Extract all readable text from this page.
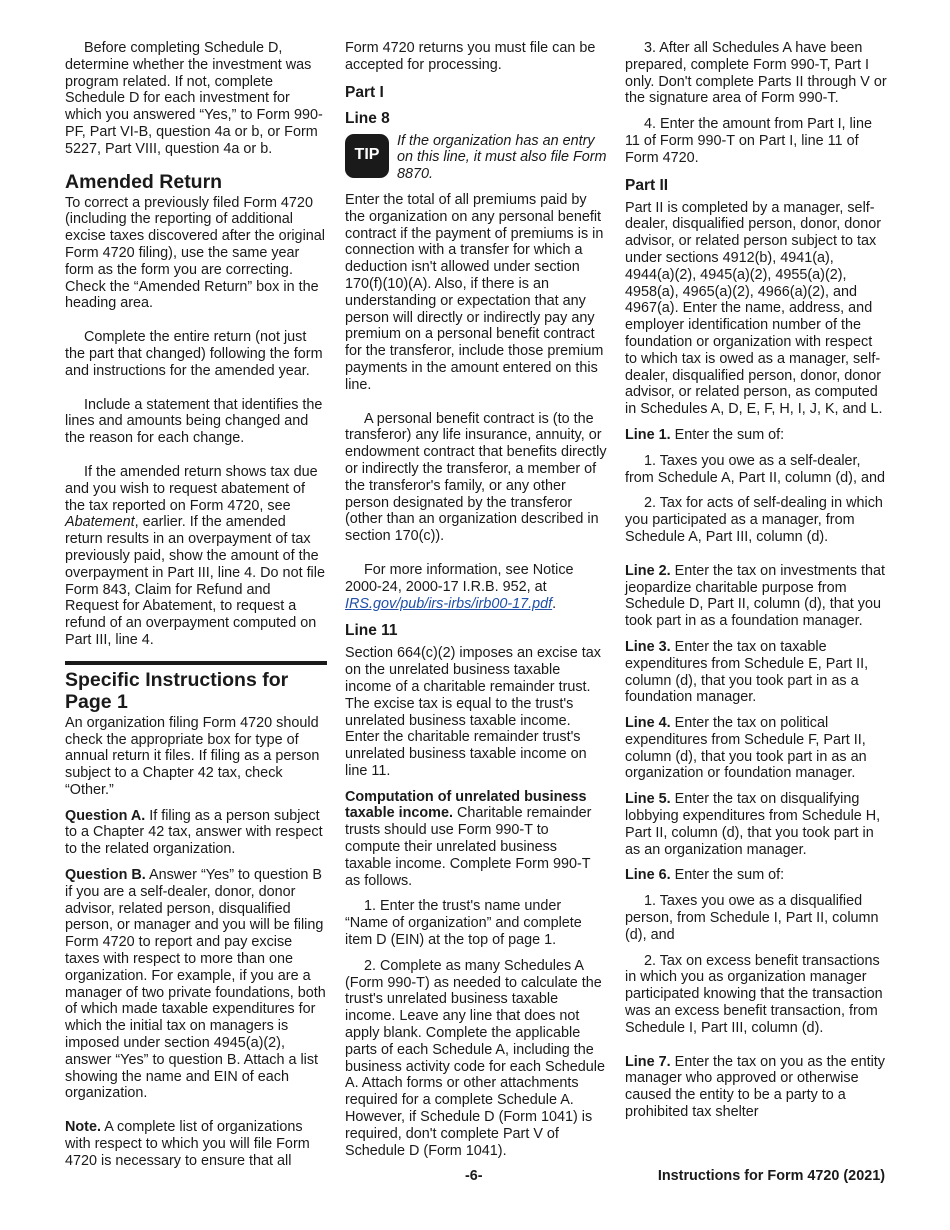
Before completing Schedule D, determine whether the investment was program related. If not, complete Schedule D for each investment for which you answered “Yes,” to Form 990-PF, Part VI-B, question 4a or b, or Form 5227, Part VIII, question 4a or b.

Amended Return

To correct a previously filed Form 4720 (including the reporting of additional excise taxes discovered after the original Form 4720 filing), use the same year form as the form you are correcting. Check the “Amended Return” box in the heading area.

Complete the entire return (not just the part that changed) following the form and instructions for the amended year.

Include a statement that identifies the lines and amounts being changed and the reason for each change.

If the amended return shows tax due and you wish to request abatement of the tax reported on Form 4720, see Abatement, earlier. If the amended return results in an overpayment of tax previously paid, show the amount of the overpayment in Part III, line 4. Do not file Form 843, Claim for Refund and Request for Abatement, to request a refund of an overpayment computed on Part III, line 4.

Specific Instructions for Page 1

An organization filing Form 4720 should check the appropriate box for type of annual return it files. If filing as a person subject to a Chapter 42 tax, check “Other.”

Question A. If filing as a person subject to a Chapter 42 tax, answer with respect to the related organization.

Question B. Answer “Yes” to question B if you are a self-dealer, donor, donor advisor, related person, disqualified person, or manager and you will be filing Form 4720 to report and pay excise taxes with respect to more than one organization. For example, if you are a manager of two private foundations, both of which made taxable expenditures for which the initial tax on managers is imposed under section 4945(a)(2), answer “Yes” to question B. Attach a list showing the name and EIN of each organization.

Note. A complete list of organizations with respect to which you will file Form 4720 is necessary to ensure that all

Form 4720 returns you must file can be accepted for processing.

Part I
Line 8
TIP
If the organization has an entry on this line, it must also file Form 8870.

Enter the total of all premiums paid by the organization on any personal benefit contract if the payment of premiums is in connection with a transfer for which a deduction isn't allowed under section 170(f)(10)(A). Also, if there is an understanding or expectation that any person will directly or indirectly pay any premium on a personal benefit contract for the transferor, include those premium payments in the amount entered on this line.

A personal benefit contract is (to the transferor) any life insurance, annuity, or endowment contract that benefits directly or indirectly the transferor, a member of the transferor's family, or any other person designated by the transferor (other than an organization described in section 170(c)).

For more information, see Notice 2000-24, 2000-17 I.R.B. 952, at IRS.gov/pub/irs-irbs/irb00-17.pdf.

Line 11

Section 664(c)(2) imposes an excise tax on the unrelated business taxable income of a charitable remainder trust. The excise tax is equal to the trust's unrelated business taxable income. Enter the charitable remainder trust's unrelated business taxable income on line 11.

Computation of unrelated business taxable income. Charitable remainder trusts should use Form 990-T to compute their unrelated business taxable income. Complete Form 990-T as follows.

1. Enter the trust's name under “Name of organization” and complete item D (EIN) at the top of page 1.

2. Complete as many Schedules A (Form 990-T) as needed to calculate the trust's unrelated business taxable income. Leave any line that does not apply blank. Complete the applicable parts of each Schedule A, including the business activity code for each Schedule A. Attach forms or other attachments required for a complete Schedule A. However, if Schedule D (Form 1041) is required, don't complete Part V of Schedule D (Form 1041).

3. After all Schedules A have been prepared, complete Form 990-T, Part I only. Don't complete Parts II through V or the signature area of Form 990-T.

4. Enter the amount from Part I, line 11 of Form 990-T on Part I, line 11 of Form 4720.

Part II

Part II is completed by a manager, self-dealer, disqualified person, donor, donor advisor, or related person subject to tax under sections 4912(b), 4941(a), 4944(a)(2), 4945(a)(2), 4955(a)(2), 4958(a), 4965(a)(2), 4966(a)(2), and 4967(a). Enter the name, address, and employer identification number of the foundation or organization with respect to which tax is owed as a manager, self-dealer, disqualified person, donor, donor advisor, or related person, as computed in Schedules A, D, E, F, H, I, J, K, and L.

Line 1. Enter the sum of:

1. Taxes you owe as a self-dealer, from Schedule A, Part II, column (d), and

2. Tax for acts of self-dealing in which you participated as a manager, from Schedule A, Part III, column (d).

Line 2. Enter the tax on investments that jeopardize charitable purpose from Schedule D, Part II, column (d), that you took part in as a foundation manager.

Line 3. Enter the tax on taxable expenditures from Schedule E, Part II, column (d), that you took part in as a foundation manager.

Line 4. Enter the tax on political expenditures from Schedule F, Part II, column (d), that you took part in as an organization or foundation manager.

Line 5. Enter the tax on disqualifying lobbying expenditures from Schedule H, Part II, column (d), that you took part in as an organization manager.

Line 6. Enter the sum of:

1. Taxes you owe as a disqualified person, from Schedule I, Part II, column (d), and

2. Tax on excess benefit transactions in which you as organization manager participated knowing that the transaction was an excess benefit transaction, from Schedule I, Part III, column (d).

Line 7. Enter the tax on you as the entity manager who approved or otherwise caused the entity to be a party to a prohibited tax shelter

-6-	Instructions for Form 4720 (2021)
